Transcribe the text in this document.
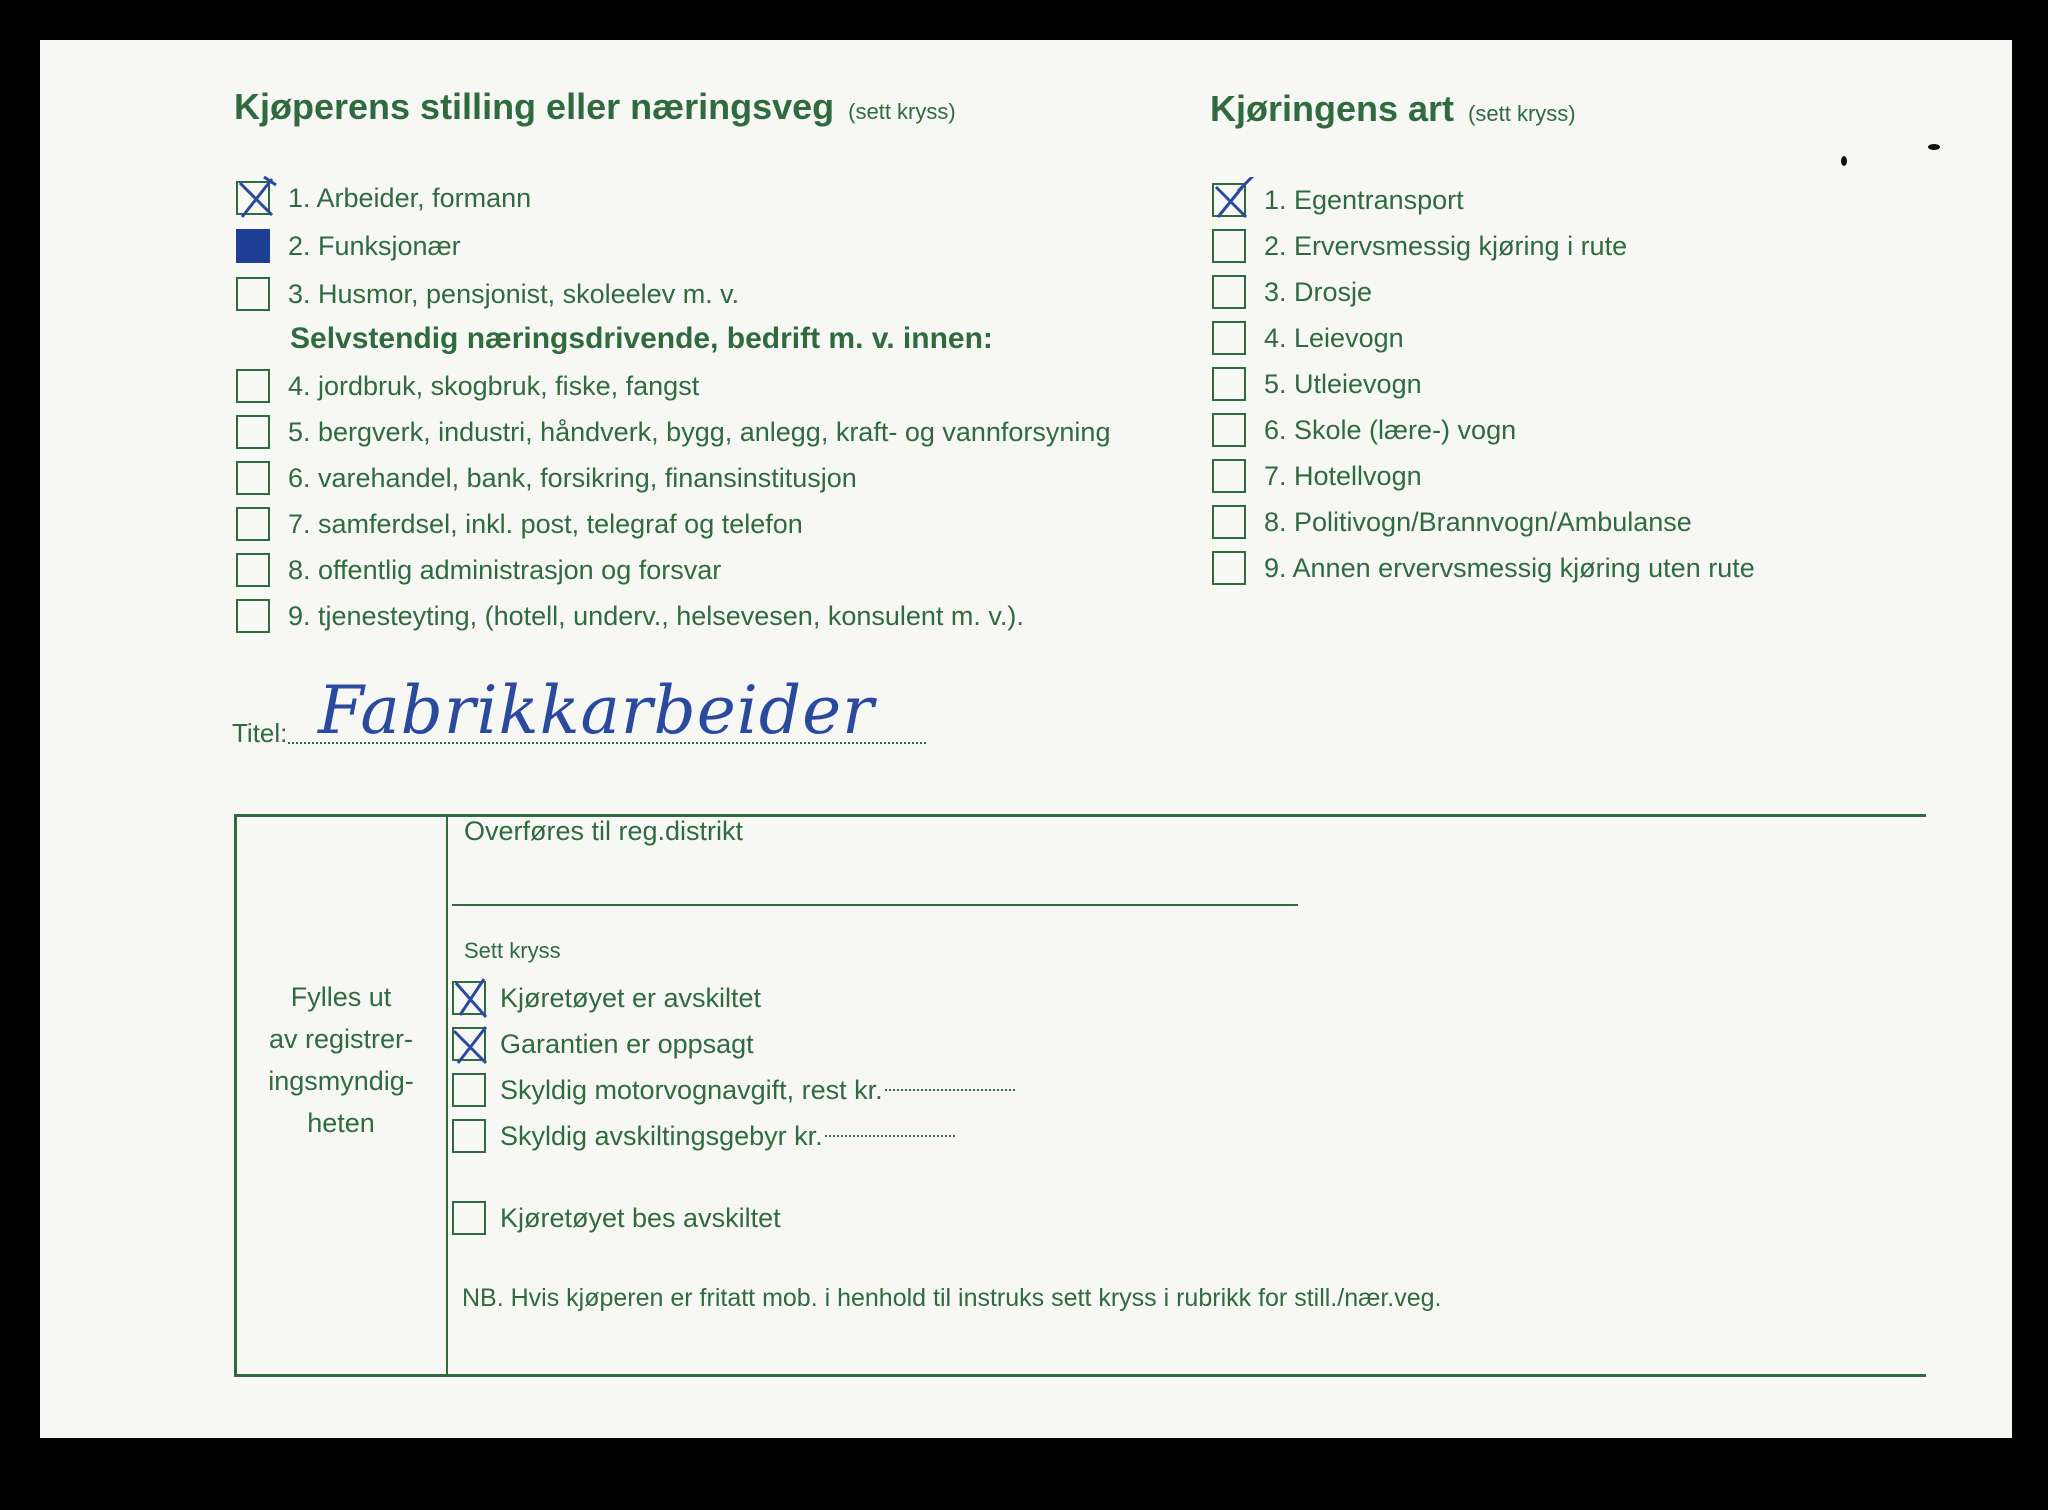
Kjøperens stilling eller næringsveg (sett kryss)
1. Arbeider, formann
2. Funksjonær
3. Husmor, pensjonist, skoleelev m. v.
Selvstendig næringsdrivende, bedrift m. v. innen:
4. jordbruk, skogbruk, fiske, fangst
5. bergverk, industri, håndverk, bygg, anlegg, kraft- og vannforsyning
6. varehandel, bank, forsikring, finansinstitusjon
7. samferdsel, inkl. post, telegraf og telefon
8. offentlig administrasjon og forsvar
9. tjenesteyting, (hotell, underv., helsevesen, konsulent m. v.).
Kjøringens art (sett kryss)
1. Egentransport
2. Ervervsmessig kjøring i rute
3. Drosje
4. Leievogn
5. Utleievogn
6. Skole (lære-) vogn
7. Hotellvogn
8. Politivogn/Brannvogn/Ambulanse
9. Annen ervervsmessig kjøring uten rute
Titel: Fabrikkarbeider
Fylles ut
av registrer-
ingsmyndig-
heten
Overføres til reg.distrikt
Sett kryss
Kjøretøyet er avskiltet
Garantien er oppsagt
Skyldig motorvognavgift, rest kr.
Skyldig avskiltingsgebyr kr.
Kjøretøyet bes avskiltet
NB. Hvis kjøperen er fritatt mob. i henhold til instruks sett kryss i rubrikk for still./nær.veg.
